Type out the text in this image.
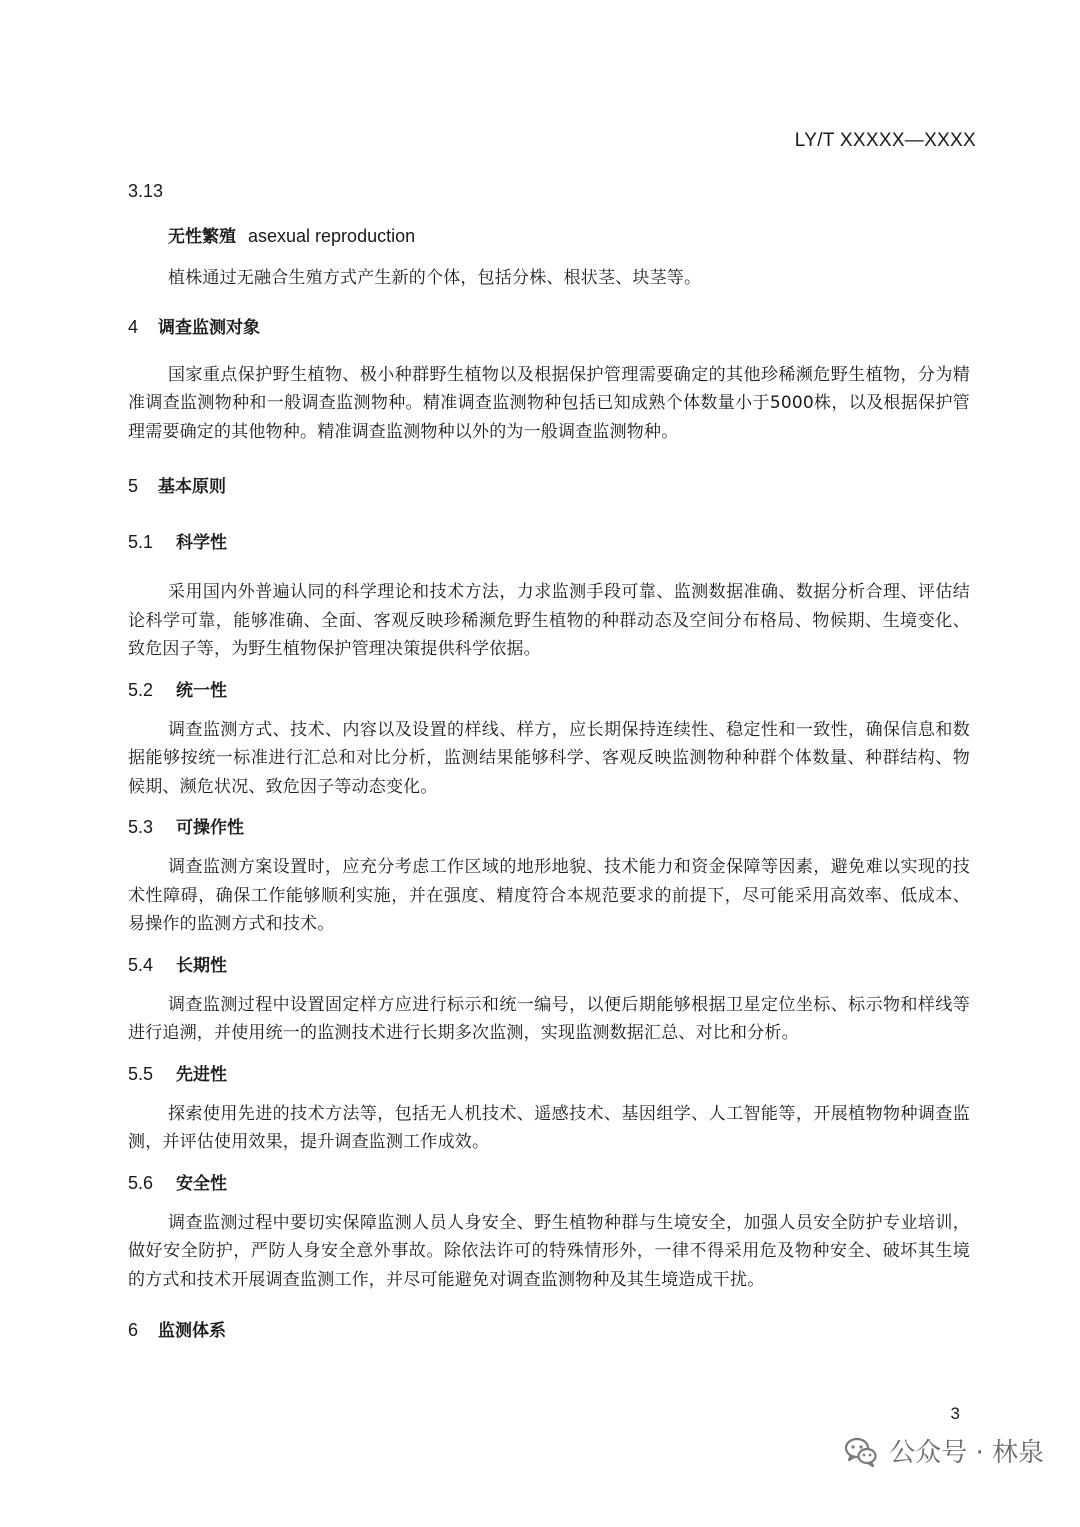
LY/T XXXXX—XXXX
3.13
无性繁殖 asexual reproduction

植株通过无融合生殖方式产生新的个体，包括分株、根状茎、块茎等。

4 调查监测对象

国家重点保护野生植物、极小种群野生植物以及根据保护管理需要确定的其他珍稀濒危野生植物，分为精准调查监测物种和一般调查监测物种。精准调查监测物种包括已知成熟个体数量小于5000株，以及根据保护管理需要确定的其他物种。精准调查监测物种以外的为一般调查监测物种。

5 基本原则
5.1 科学性

采用国内外普遍认同的科学理论和技术方法，力求监测手段可靠、监测数据准确、数据分析合理、评估结论科学可靠，能够准确、全面、客观反映珍稀濒危野生植物的种群动态及空间分布格局、物候期、生境变化、致危因子等，为野生植物保护管理决策提供科学依据。

5.2 统一性

调查监测方式、技术、内容以及设置的样线、样方，应长期保持连续性、稳定性和一致性，确保信息和数据能够按统一标准进行汇总和对比分析，监测结果能够科学、客观反映监测物种种群个体数量、种群结构、物候期、濒危状况、致危因子等动态变化。

5.3 可操作性

调查监测方案设置时，应充分考虑工作区域的地形地貌、技术能力和资金保障等因素，避免难以实现的技术性障碍，确保工作能够顺利实施，并在强度、精度符合本规范要求的前提下，尽可能采用高效率、低成本、易操作的监测方式和技术。

5.4 长期性

调查监测过程中设置固定样方应进行标示和统一编号，以便后期能够根据卫星定位坐标、标示物和样线等进行追溯，并使用统一的监测技术进行长期多次监测，实现监测数据汇总、对比和分析。

5.5 先进性

探索使用先进的技术方法等，包括无人机技术、遥感技术、基因组学、人工智能等，开展植物物种调查监测，并评估使用效果，提升调查监测工作成效。

5.6 安全性

调查监测过程中要切实保障监测人员人身安全、野生植物种群与生境安全，加强人员安全防护专业培训，做好安全防护，严防人身安全意外事故。除依法许可的特殊情形外，一律不得采用危及物种安全、破坏其生境的方式和技术开展调查监测工作，并尽可能避免对调查监测物种及其生境造成干扰。

6 监测体系
3
公众号 · 林泉
